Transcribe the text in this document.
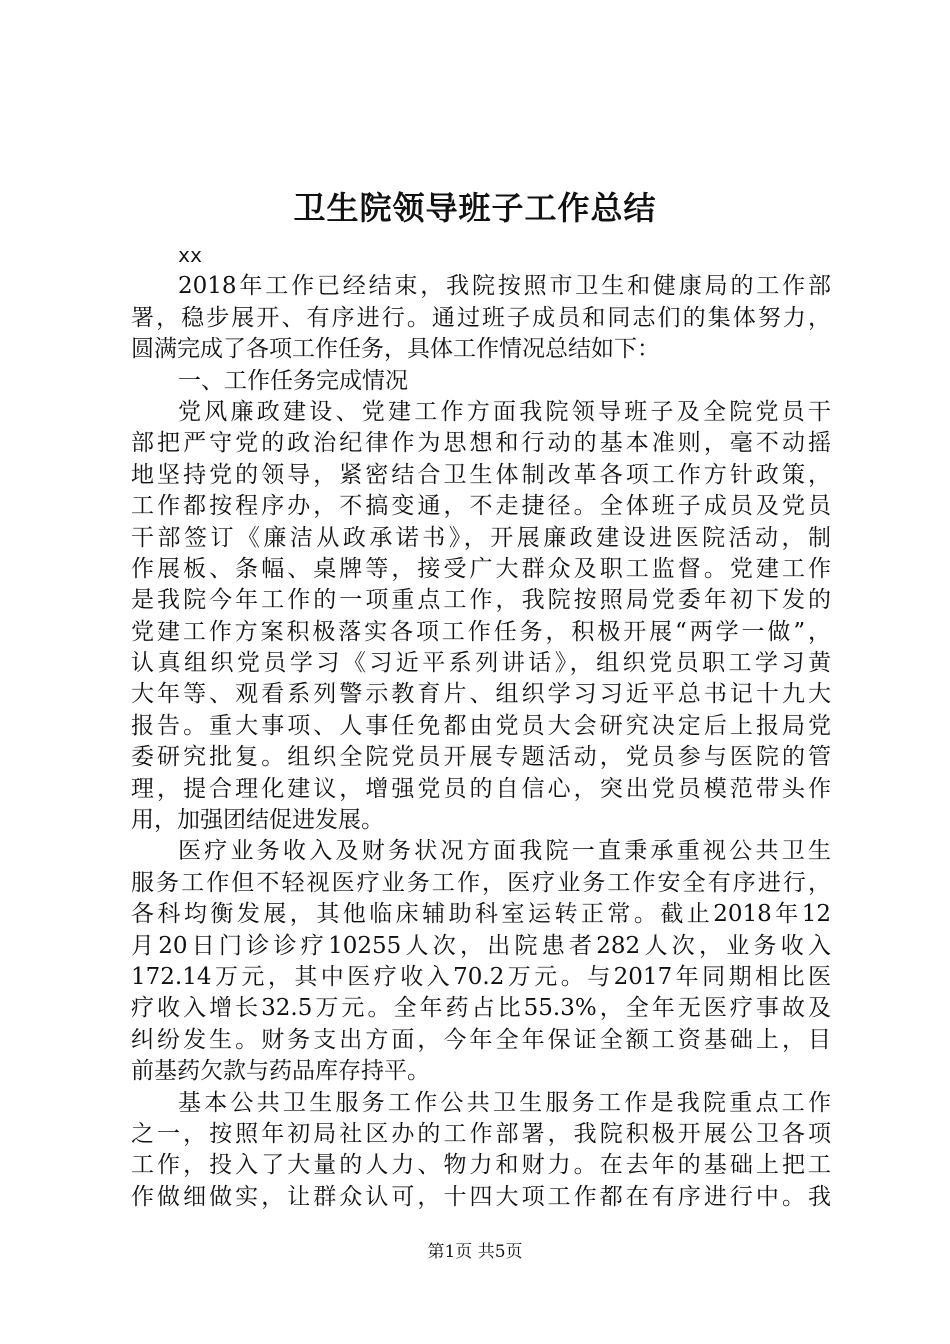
卫生院领导班子工作总结
xx
2018年工作已经结束，我院按照市卫生和健康局的工作部
署，稳步展开、有序进行。通过班子成员和同志们的集体努力，
圆满完成了各项工作任务，具体工作情况总结如下：
一、工作任务完成情况
党风廉政建设、党建工作方面我院领导班子及全院党员干
部把严守党的政治纪律作为思想和行动的基本准则，毫不动摇
地坚持党的领导，紧密结合卫生体制改革各项工作方针政策，
工作都按程序办，不搞变通，不走捷径。全体班子成员及党员
干部签订《廉洁从政承诺书》，开展廉政建设进医院活动，制
作展板、条幅、桌牌等，接受广大群众及职工监督。党建工作
是我院今年工作的一项重点工作，我院按照局党委年初下发的
党建工作方案积极落实各项工作任务，积极开展“两学一做”，
认真组织党员学习《习近平系列讲话》，组织党员职工学习黄
大年等、观看系列警示教育片、组织学习习近平总书记十九大
报告。重大事项、人事任免都由党员大会研究决定后上报局党
委研究批复。组织全院党员开展专题活动，党员参与医院的管
理，提合理化建议，增强党员的自信心，突出党员模范带头作
用，加强团结促进发展。
医疗业务收入及财务状况方面我院一直秉承重视公共卫生
服务工作但不轻视医疗业务工作，医疗业务工作安全有序进行，
各科均衡发展，其他临床辅助科室运转正常。截止2018年12
月20日门诊诊疗10255人次，出院患者282人次，业务收入
172.14万元，其中医疗收入70.2万元。与2017年同期相比医
疗收入增长32.5万元。全年药占比55.3%，全年无医疗事故及
纠纷发生。财务支出方面，今年全年保证全额工资基础上，目
前基药欠款与药品库存持平。
基本公共卫生服务工作公共卫生服务工作是我院重点工作
之一，按照年初局社区办的工作部署，我院积极开展公卫各项
工作，投入了大量的人力、物力和财力。在去年的基础上把工
作做细做实，让群众认可，十四大项工作都在有序进行中。我
第1页 共5页
